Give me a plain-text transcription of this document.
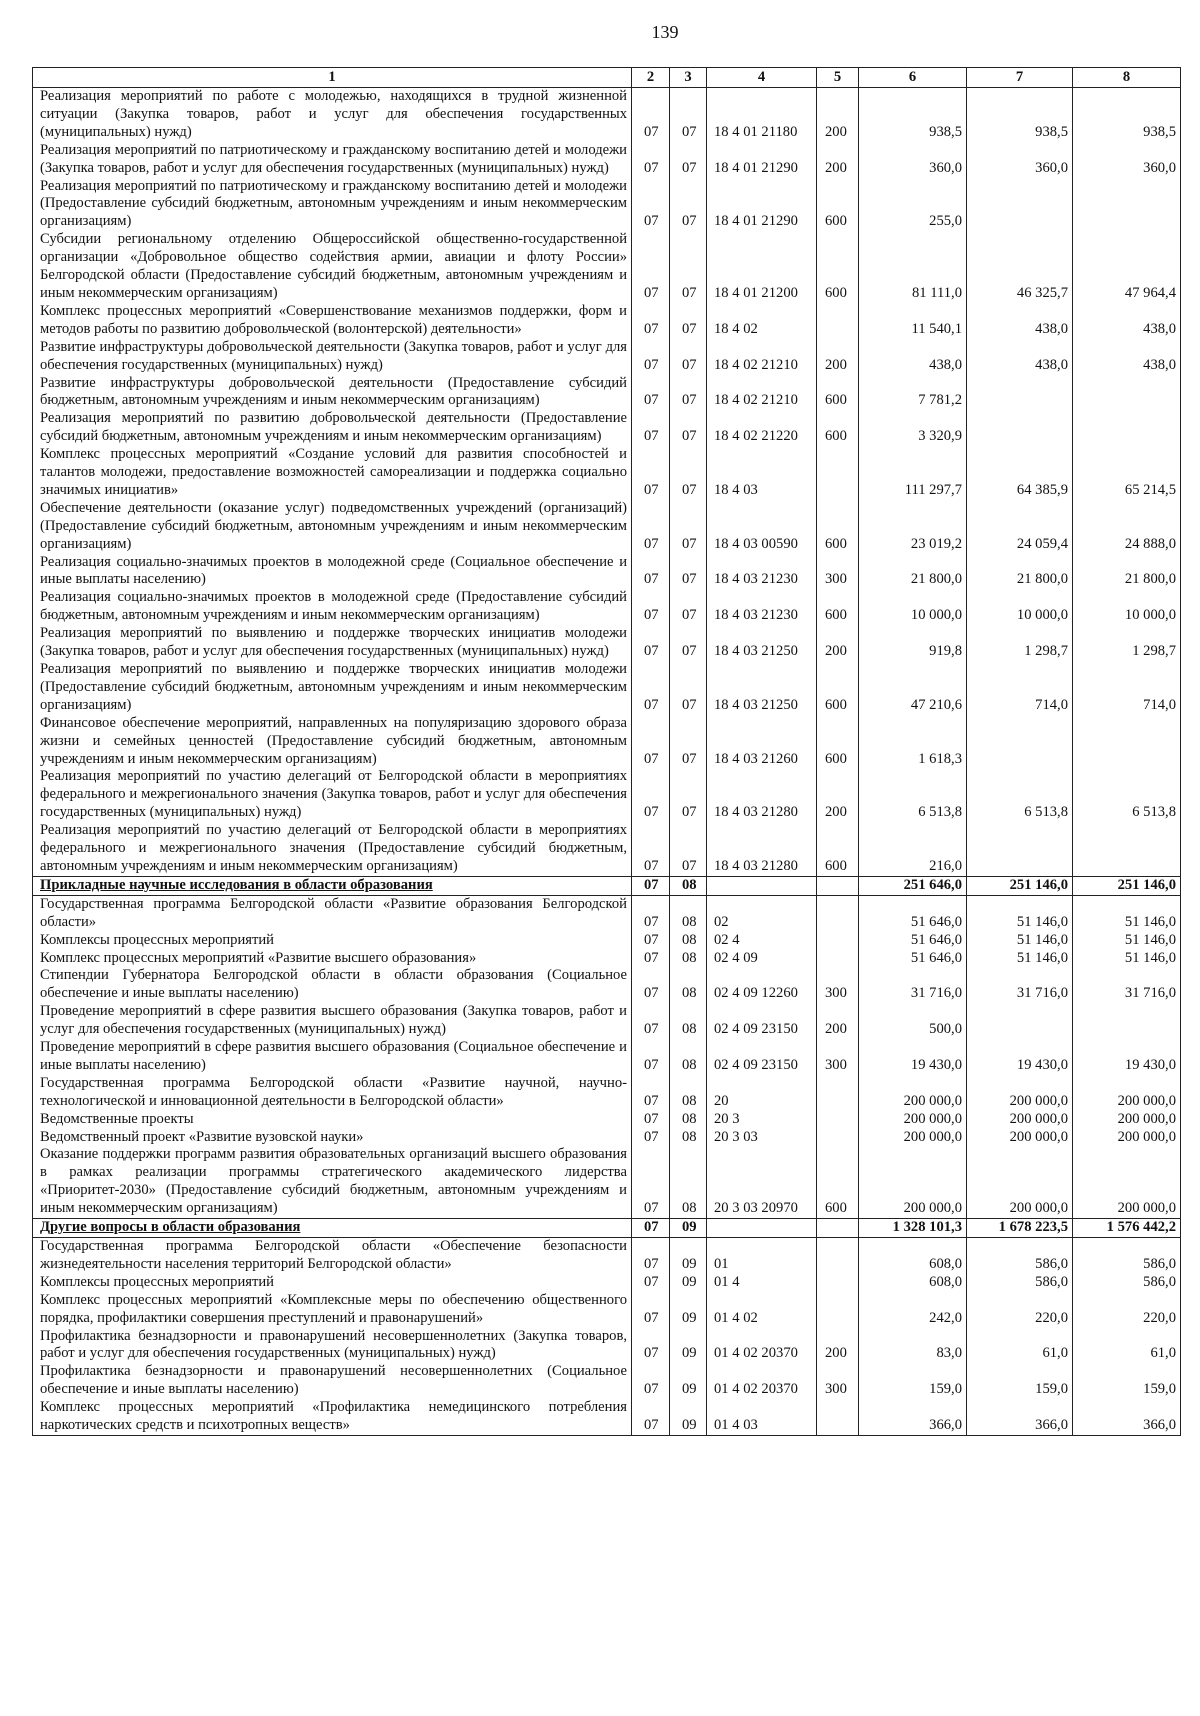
139
1	2	3	4	5	6	7	8
Реализация мероприятий по работе с молодежью, находящихся в трудной жизненной ситуации (Закупка товаров, работ и услуг для обеспечения государственных (муниципальных) нужд)	07	07	18 4 01 21180	200	938,5	938,5	938,5
Реализация мероприятий по патриотическому и гражданскому воспитанию детей и молодежи (Закупка товаров, работ и услуг для обеспечения государственных (муниципальных) нужд)	07	07	18 4 01 21290	200	360,0	360,0	360,0
Реализация мероприятий по патриотическому и гражданскому воспитанию детей и молодежи (Предоставление субсидий бюджетным, автономным учреждениям и иным некоммерческим организациям)	07	07	18 4 01 21290	600	255,0		
Субсидии региональному отделению Общероссийской общественно-государственной организации «Добровольное общество содействия армии, авиации и флоту России» Белгородской области (Предоставление субсидий бюджетным, автономным учреждениям и иным некоммерческим организациям)	07	07	18 4 01 21200	600	81 111,0	46 325,7	47 964,4
Комплекс процессных мероприятий «Совершенствование механизмов поддержки, форм и методов работы по развитию добровольческой (волонтерской) деятельности»	07	07	18 4 02		11 540,1	438,0	438,0
Развитие инфраструктуры добровольческой деятельности (Закупка товаров, работ и услуг для обеспечения государственных (муниципальных) нужд)	07	07	18 4 02 21210	200	438,0	438,0	438,0
Развитие инфраструктуры добровольческой деятельности (Предоставление субсидий бюджетным, автономным учреждениям и иным некоммерческим организациям)	07	07	18 4 02 21210	600	7 781,2		
Реализация мероприятий по развитию добровольческой деятельности (Предоставление субсидий бюджетным, автономным учреждениям и иным некоммерческим организациям)	07	07	18 4 02 21220	600	3 320,9		
Комплекс процессных мероприятий «Создание условий для развития способностей и талантов молодежи, предоставление возможностей самореализации и поддержка социально значимых инициатив»	07	07	18 4 03		111 297,7	64 385,9	65 214,5
Обеспечение деятельности (оказание услуг) подведомственных учреждений (организаций) (Предоставление субсидий бюджетным, автономным учреждениям и иным некоммерческим организациям)	07	07	18 4 03 00590	600	23 019,2	24 059,4	24 888,0
Реализация социально-значимых проектов в молодежной среде (Социальное обеспечение и иные выплаты населению)	07	07	18 4 03 21230	300	21 800,0	21 800,0	21 800,0
Реализация социально-значимых проектов в молодежной среде (Предоставление субсидий бюджетным, автономным учреждениям и иным некоммерческим организациям)	07	07	18 4 03 21230	600	10 000,0	10 000,0	10 000,0
Реализация мероприятий по выявлению и поддержке творческих инициатив молодежи (Закупка товаров, работ и услуг для обеспечения государственных (муниципальных) нужд)	07	07	18 4 03 21250	200	919,8	1 298,7	1 298,7
Реализация мероприятий по выявлению и поддержке творческих инициатив молодежи (Предоставление субсидий бюджетным, автономным учреждениям и иным некоммерческим организациям)	07	07	18 4 03 21250	600	47 210,6	714,0	714,0
Финансовое обеспечение мероприятий, направленных на популяризацию здорового образа жизни и семейных ценностей (Предоставление субсидий бюджетным, автономным учреждениям и иным некоммерческим организациям)	07	07	18 4 03 21260	600	1 618,3		
Реализация мероприятий по участию делегаций от Белгородской области в мероприятиях федерального и межрегионального значения (Закупка товаров, работ и услуг для обеспечения государственных (муниципальных) нужд)	07	07	18 4 03 21280	200	6 513,8	6 513,8	6 513,8
Реализация мероприятий по участию делегаций от Белгородской области в мероприятиях федерального и межрегионального значения (Предоставление субсидий бюджетным, автономным учреждениям и иным некоммерческим организациям)	07	07	18 4 03 21280	600	216,0		
Прикладные научные исследования в области образования	07	08			251 646,0	251 146,0	251 146,0
Государственная программа Белгородской области «Развитие образования Белгородской области»	07	08	02		51 646,0	51 146,0	51 146,0
Комплексы процессных мероприятий	07	08	02 4		51 646,0	51 146,0	51 146,0
Комплекс процессных мероприятий «Развитие высшего образования»	07	08	02 4 09		51 646,0	51 146,0	51 146,0
Стипендии Губернатора Белгородской области в области образования (Социальное обеспечение и иные выплаты населению)	07	08	02 4 09 12260	300	31 716,0	31 716,0	31 716,0
Проведение мероприятий в сфере развития высшего образования (Закупка товаров, работ и услуг для обеспечения государственных (муниципальных) нужд)	07	08	02 4 09 23150	200	500,0		
Проведение мероприятий в сфере развития высшего образования (Социальное обеспечение и иные выплаты населению)	07	08	02 4 09 23150	300	19 430,0	19 430,0	19 430,0
Государственная программа Белгородской области «Развитие научной, научно-технологической и инновационной деятельности в Белгородской области»	07	08	20		200 000,0	200 000,0	200 000,0
Ведомственные проекты	07	08	20 3		200 000,0	200 000,0	200 000,0
Ведомственный проект «Развитие вузовской науки»	07	08	20 3 03		200 000,0	200 000,0	200 000,0
Оказание поддержки программ развития образовательных организаций высшего образования в рамках реализации программы стратегического академического лидерства «Приоритет-2030» (Предоставление субсидий бюджетным, автономным учреждениям и иным некоммерческим организациям)	07	08	20 3 03 20970	600	200 000,0	200 000,0	200 000,0
Другие вопросы в области образования	07	09			1 328 101,3	1 678 223,5	1 576 442,2
Государственная программа Белгородской области «Обеспечение безопасности жизнедеятельности населения территорий Белгородской области»	07	09	01		608,0	586,0	586,0
Комплексы процессных мероприятий	07	09	01 4		608,0	586,0	586,0
Комплекс процессных мероприятий «Комплексные меры по обеспечению общественного порядка, профилактики совершения преступлений и правонарушений»	07	09	01 4 02		242,0	220,0	220,0
Профилактика безнадзорности и правонарушений несовершеннолетних (Закупка товаров, работ и услуг для обеспечения государственных (муниципальных) нужд)	07	09	01 4 02 20370	200	83,0	61,0	61,0
Профилактика безнадзорности и правонарушений несовершеннолетних (Социальное обеспечение и иные выплаты населению)	07	09	01 4 02 20370	300	159,0	159,0	159,0
Комплекс процессных мероприятий «Профилактика немедицинского потребления наркотических средств и психотропных веществ»	07	09	01 4 03		366,0	366,0	366,0
